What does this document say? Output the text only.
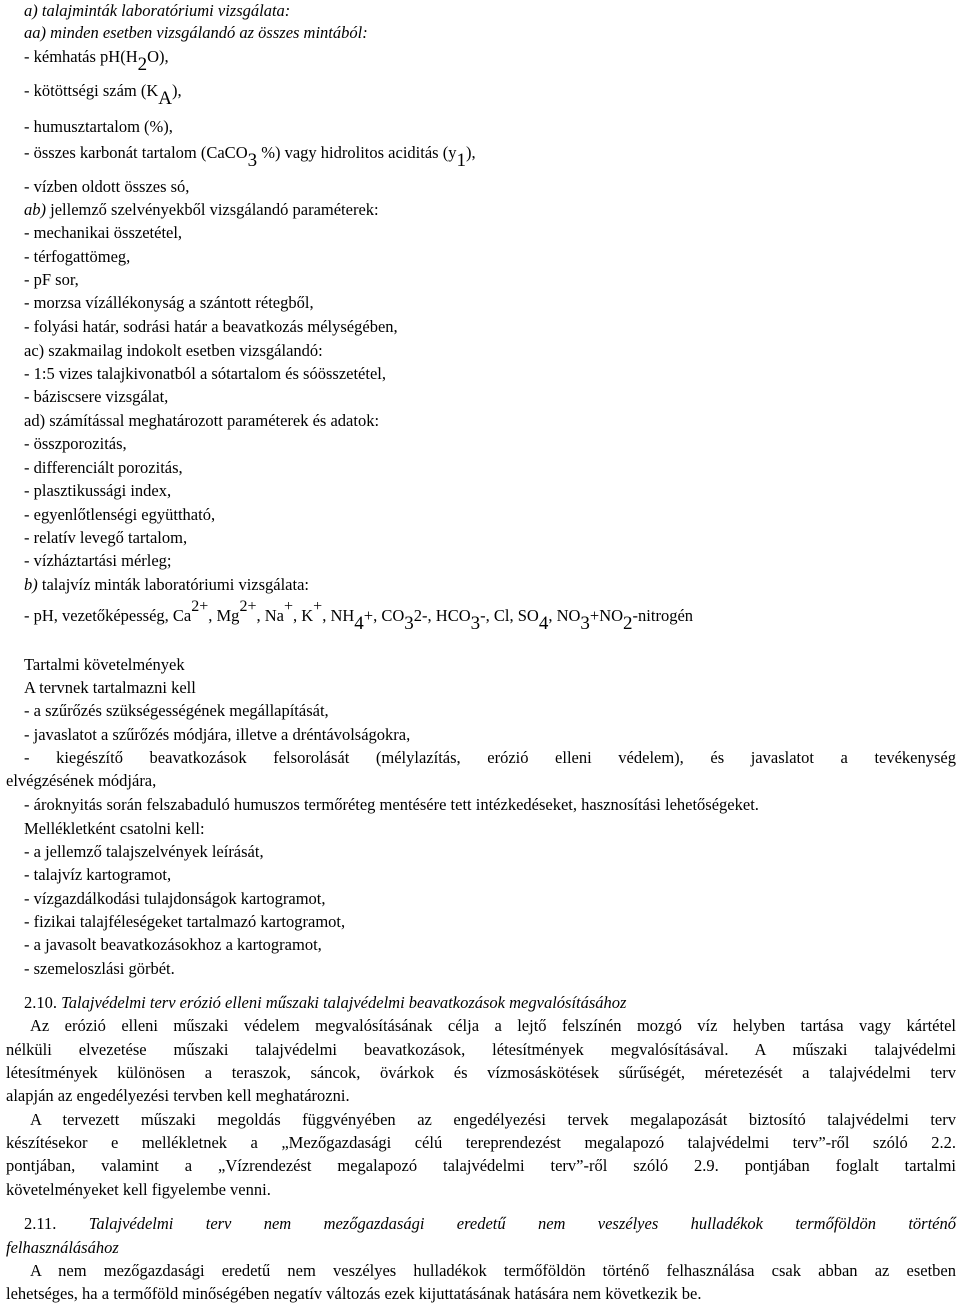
a) talajminták laboratóriumi vizsgálata:
aa) minden esetben vizsgálandó az összes mintából:
- kémhatás pH(H2O),
- kötöttségi szám (KA),
- humusztartalom (%),
- összes karbonát tartalom (CaCO3 %) vagy hidrolitos aciditás (y1),
- vízben oldott összes só,
ab) jellemző szelvényekből vizsgálandó paraméterek:
- mechanikai összetétel,
- térfogattömeg,
- pF sor,
- morzsa vízállékonyság a szántott rétegből,
- folyási határ, sodrási határ a beavatkozás mélységében,
ac) szakmailag indokolt esetben vizsgálandó:
- 1:5 vizes talajkivonatból a sótartalom és sóösszetétel,
- báziscsere vizsgálat,
ad) számítással meghatározott paraméterek és adatok:
- összporozitás,
- differenciált porozitás,
- plasztikussági index,
- egyenlőtlenségi együttható,
- relatív levegő tartalom,
- vízháztartási mérleg;
b) talajvíz minták laboratóriumi vizsgálata:
- pH, vezetőképesség, Ca2+, Mg2+, Na+, K+, NH4+, CO32-, HCO3-, Cl, SO4, NO3+NO2-nitrogén
Tartalmi követelmények
A tervnek tartalmazni kell
- a szűrőzés szükségességének megállapítását,
- javaslatot a szűrőzés módjára, illetve a dréntávolságokra,
- kiegészítő beavatkozások felsorolását (mélylazítás, erózió elleni védelem), és javaslatot a tevékenység
elvégzésének módjára,
- ároknyitás során felszabaduló humuszos termőréteg mentésére tett intézkedéseket, hasznosítási lehetőségeket.
Mellékletként csatolni kell:
- a jellemző talajszelvények leírását,
- talajvíz kartogramot,
- vízgazdálkodási tulajdonságok kartogramot,
- fizikai talajféleségeket tartalmazó kartogramot,
- a javasolt beavatkozásokhoz a kartogramot,
- szemeloszlási görbét.
2.10. Talajvédelmi terv erózió elleni műszaki talajvédelmi beavatkozások megvalósításához
Az erózió elleni műszaki védelem megvalósításának célja a lejtő felszínén mozgó víz helyben tartása vagy kártétel
nélküli elvezetése műszaki talajvédelmi beavatkozások, létesítmények megvalósításával. A műszaki talajvédelmi
létesítmények különösen a teraszok, sáncok, övárkok és vízmosáskötések sűrűségét, méretezését a talajvédelmi terv
alapján az engedélyezési tervben kell meghatározni.
A tervezett műszaki megoldás függvényében az engedélyezési tervek megalapozását biztosító talajvédelmi terv
készítésekor e mellékletnek a „Mezőgazdasági célú tereprendezést megalapozó talajvédelmi terv”-ről szóló 2.2.
pontjában, valamint a „Vízrendezést megalapozó talajvédelmi terv”-ről szóló 2.9. pontjában foglalt tartalmi
követelményeket kell figyelembe venni.
2.11. Talajvédelmi terv nem mezőgazdasági eredetű nem veszélyes hulladékok termőföldön történő
felhasználásához
A nem mezőgazdasági eredetű nem veszélyes hulladékok termőföldön történő felhasználása csak abban az esetben
lehetséges, ha a termőföld minőségében negatív változás ezek kijuttatásának hatására nem következik be.
